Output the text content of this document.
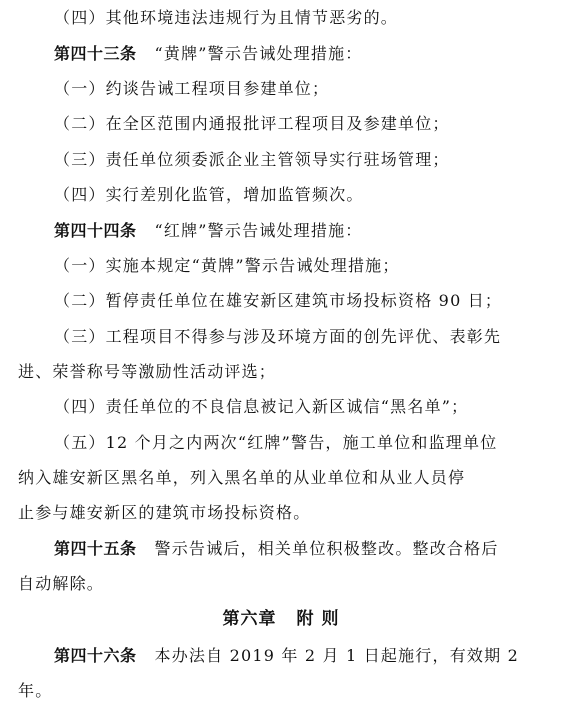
（四）其他环境违法违规行为且情节恶劣的。
第四十三条 “黄牌”警示告诫处理措施：
（一）约谈告诫工程项目参建单位；
（二）在全区范围内通报批评工程项目及参建单位；
（三）责任单位须委派企业主管领导实行驻场管理；
（四）实行差别化监管，增加监管频次。
第四十四条 “红牌”警示告诫处理措施：
（一）实施本规定“黄牌”警示告诫处理措施；
（二）暂停责任单位在雄安新区建筑市场投标资格 90 日；
（三）工程项目不得参与涉及环境方面的创先评优、表彰先
进、荣誉称号等激励性活动评选；
（四）责任单位的不良信息被记入新区诚信“黑名单”；
（五）12 个月之内两次“红牌”警告，施工单位和监理单位
纳入雄安新区黑名单，列入黑名单的从业单位和从业人员停
止参与雄安新区的建筑市场投标资格。
第四十五条 警示告诫后，相关单位积极整改。整改合格后
自动解除。
第六章 附 则
第四十六条 本办法自 2019 年 2 月 1 日起施行，有效期 2
年。
